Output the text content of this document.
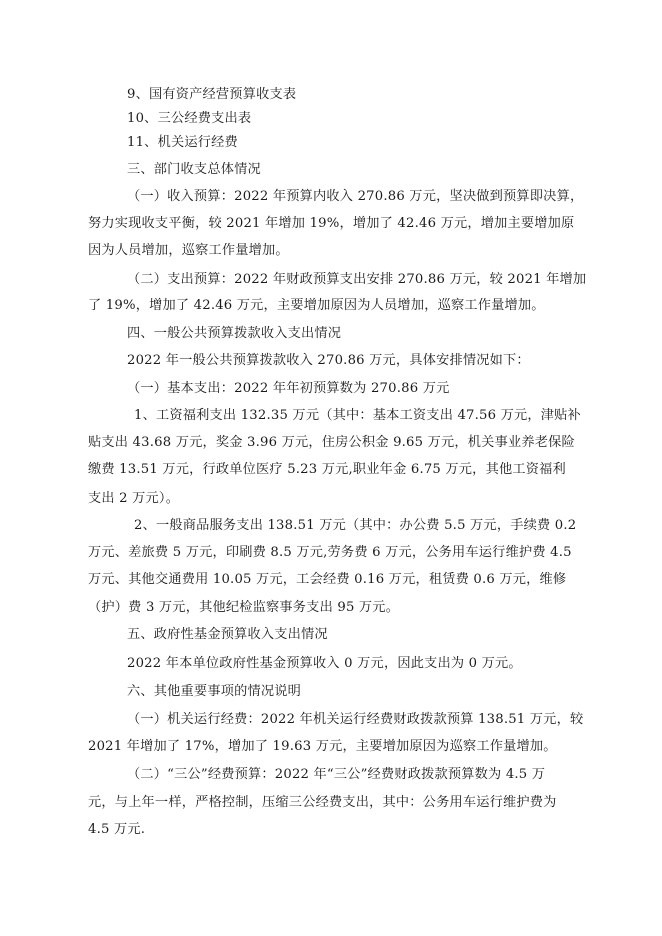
9、国有资产经营预算收支表
10、三公经费支出表
11、机关运行经费
三、部门收支总体情况
（一）收入预算：2022 年预算内收入 270.86 万元，坚决做到预算即决算，
努力实现收支平衡，较 2021 年增加 19%，增加了 42.46 万元，增加主要增加原
因为人员增加，巡察工作量增加。
（二）支出预算：2022 年财政预算支出安排 270.86 万元，较 2021 年增加
了 19%，增加了 42.46 万元，主要增加原因为人员增加，巡察工作量增加。
四、一般公共预算拨款收入支出情况
2022 年一般公共预算拨款收入 270.86 万元，具体安排情况如下：
（一）基本支出：2022 年年初预算数为 270.86 万元
1、工资福利支出 132.35 万元（其中：基本工资支出 47.56 万元，津贴补
贴支出 43.68 万元，奖金 3.96 万元，住房公积金 9.65 万元，机关事业养老保险
缴费 13.51 万元，行政单位医疗 5.23 万元,职业年金 6.75 万元，其他工资福利
支出 2 万元）。
2、一般商品服务支出 138.51 万元（其中：办公费 5.5 万元，手续费 0.2
万元、差旅费 5 万元，印刷费 8.5 万元,劳务费 6 万元，公务用车运行维护费 4.5
万元、其他交通费用 10.05 万元，工会经费 0.16 万元，租赁费 0.6 万元，维修
（护）费 3 万元，其他纪检监察事务支出 95 万元。
五、政府性基金预算收入支出情况
2022 年本单位政府性基金预算收入 0 万元，因此支出为 0 万元。
六、其他重要事项的情况说明
（一）机关运行经费：2022 年机关运行经费财政拨款预算 138.51 万元，较
2021 年增加了 17%，增加了 19.63 万元，主要增加原因为巡察工作量增加。
（二）“三公”经费预算：2022 年“三公”经费财政拨款预算数为 4.5 万
元，与上年一样，严格控制，压缩三公经费支出，其中：公务用车运行维护费为
4.5 万元.
